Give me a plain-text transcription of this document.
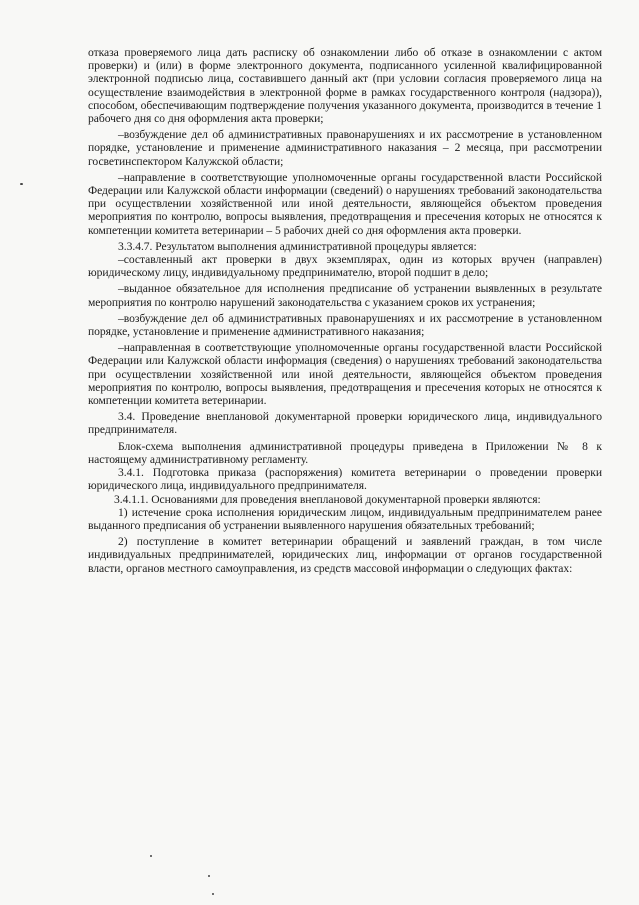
отказа проверяемого лица дать расписку об ознакомлении либо об отказе в ознакомлении с актом проверки) и (или) в форме электронного документа, подписанного усиленной квалифицированной электронной подписью лица, составившего данный акт (при условии согласия проверяемого лица на осуществление взаимодействия в электронной форме в рамках государственного контроля (надзора)), способом, обеспечивающим подтверждение получения указанного документа, производится в течение 1 рабочего дня со дня оформления акта проверки;

–возбуждение дел об административных правонарушениях и их рассмотрение в установленном порядке, установление и применение административного наказания – 2 месяца, при рассмотрении госветинспектором Калужской области;

–направление в соответствующие уполномоченные органы государственной власти Российской Федерации или Калужской области информации (сведений) о нарушениях требований законодательства при осуществлении хозяйственной или иной деятельности, являющейся объектом проведения мероприятия по контролю, вопросы выявления, предотвращения и пресечения которых не относятся к компетенции комитета ветеринарии – 5 рабочих дней со дня оформления акта проверки.

3.3.4.7. Результатом выполнения административной процедуры является:

–составленный акт проверки в двух экземплярах, один из которых вручен (направлен) юридическому лицу, индивидуальному предпринимателю, второй подшит в дело;

–выданное обязательное для исполнения предписание об устранении выявленных в результате мероприятия по контролю нарушений законодательства с указанием сроков их устранения;

–возбуждение дел об административных правонарушениях и их рассмотрение в установленном порядке, установление и применение административного наказания;

–направленная в соответствующие уполномоченные органы государственной власти Российской Федерации или Калужской области информация (сведения) о нарушениях требований законодательства при осуществлении хозяйственной или иной деятельности, являющейся объектом проведения мероприятия по контролю, вопросы выявления, предотвращения и пресечения которых не относятся к компетенции комитета ветеринарии.

3.4. Проведение внеплановой документарной проверки юридического лица, индивидуального предпринимателя.

Блок-схема выполнения административной процедуры приведена в Приложении № 8 к настоящему административному регламенту.

3.4.1. Подготовка приказа (распоряжения) комитета ветеринарии о проведении проверки юридического лица, индивидуального предпринимателя.

3.4.1.1. Основаниями для проведения внеплановой документарной проверки являются:

1) истечение срока исполнения юридическим лицом, индивидуальным предпринимателем ранее выданного предписания об устранении выявленного нарушения обязательных требований;

2) поступление в комитет ветеринарии обращений и заявлений граждан, в том числе индивидуальных предпринимателей, юридических лиц, информации от органов государственной власти, органов местного самоуправления, из средств массовой информации о следующих фактах:
